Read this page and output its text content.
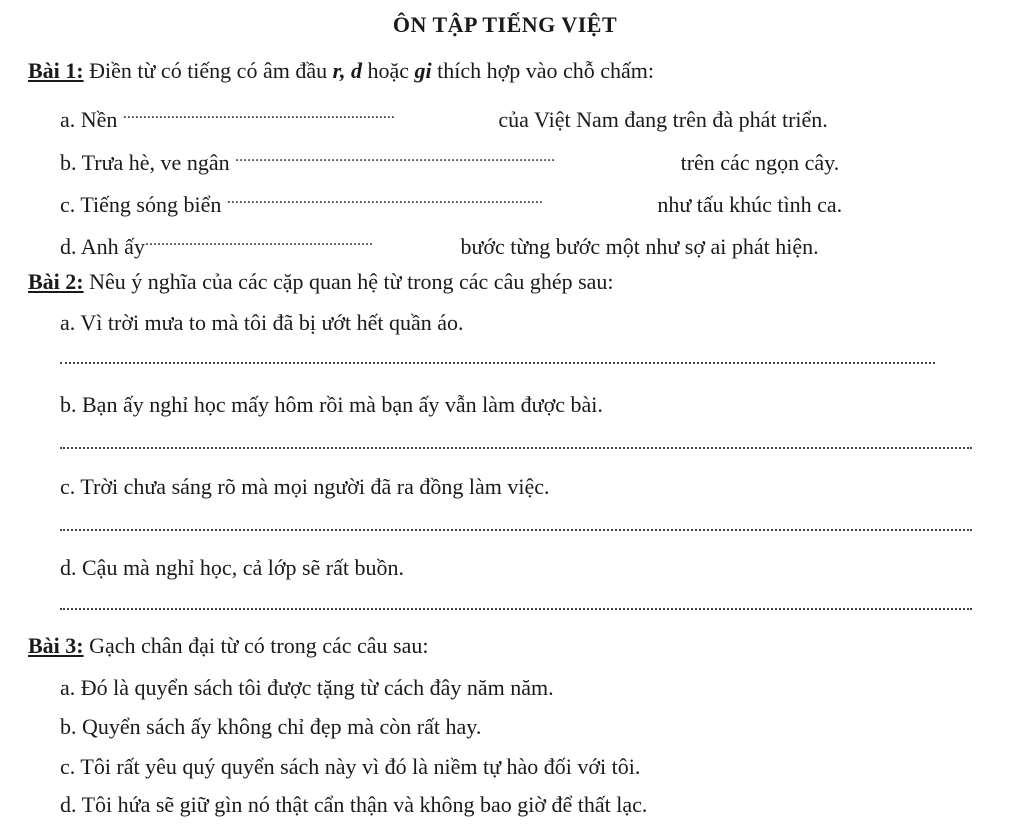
ÔN TẬP TIẾNG VIỆT
Bài 1: Điền từ có tiếng có âm đầu r, d hoặc gi thích hợp vào chỗ chấm:
a. Nền ....................................................................	của Việt Nam đang trên đà phát triển.
b. Trưa hè, ve ngân ................................................................................	trên các ngọn cây.
c. Tiếng sóng biển ...............................................................................	như tấu khúc tình ca.
d. Anh ấy.........................................................	bước từng bước một như sợ ai phát hiện.
Bài 2: Nêu ý nghĩa của các cặp quan hệ từ trong các câu ghép sau:
a. Vì trời mưa to mà tôi đã bị ướt hết quần áo.
b. Bạn ấy nghỉ học mấy hôm rồi mà bạn ấy vẫn làm được bài.
c. Trời chưa sáng rõ mà mọi người đã ra đồng làm việc.
d. Cậu mà nghỉ học, cả lớp sẽ rất buồn.
Bài 3: Gạch chân đại từ có trong các câu sau:
a. Đó là quyển sách tôi được tặng từ cách đây năm năm.
b. Quyển sách ấy không chỉ đẹp mà còn rất hay.
c. Tôi rất yêu quý quyển sách này vì đó là niềm tự hào đối với tôi.
d. Tôi hứa sẽ giữ gìn nó thật cẩn thận và không bao giờ để thất lạc.
